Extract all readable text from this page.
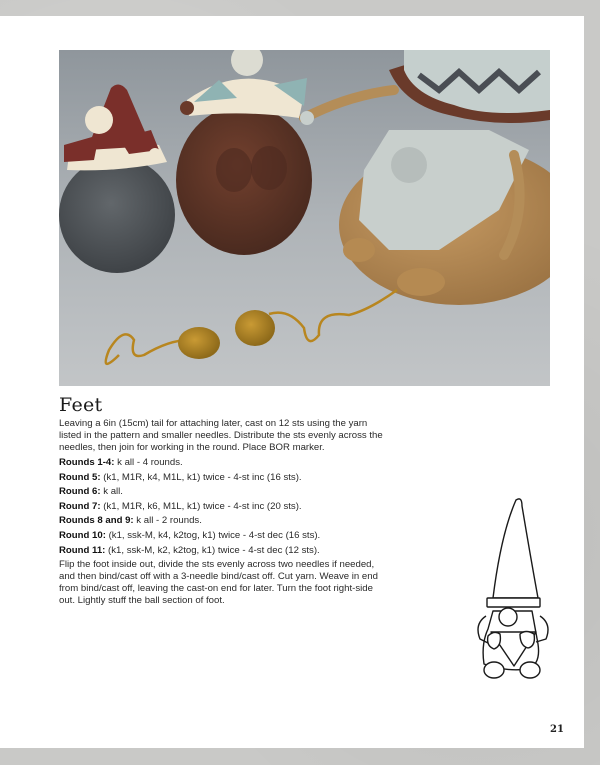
Feet

Leaving a 6in (15cm) tail for attaching later, cast on 12 sts using the yarn listed in the pattern and smaller needles. Distribute the sts evenly across the needles, then join for working in the round. Place BOR marker.

Rounds 1-4: k all - 4 rounds.

Round 5: (k1, M1R, k4, M1L, k1) twice - 4-st inc (16 sts).

Round 6: k all.

Round 7: (k1, M1R, k6, M1L, k1) twice - 4-st inc (20 sts).

Rounds 8 and 9: k all - 2 rounds.

Round 10: (k1, ssk-M, k4, k2tog, k1) twice - 4-st dec (16 sts).

Round 11: (k1, ssk-M, k2, k2tog, k1) twice - 4-st dec (12 sts).

Flip the foot inside out, divide the sts evenly across two needles if needed, and then bind/cast off with a 3-needle bind/cast off. Cut yarn. Weave in end from bind/cast off, leaving the cast-on end for later. Turn the foot right-side out. Lightly stuff the ball section of foot.

21
